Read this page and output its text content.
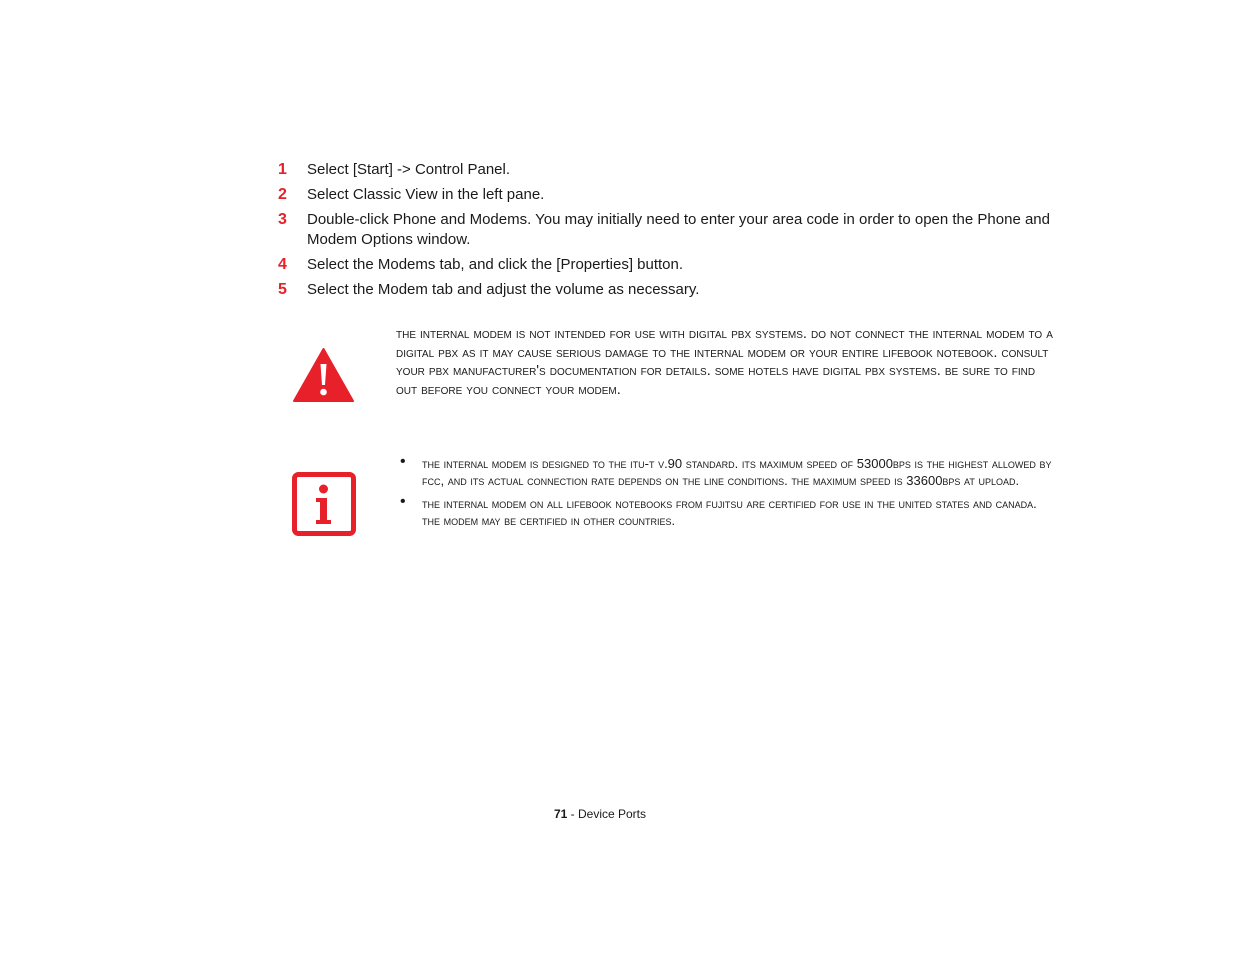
1 Select [Start] -> Control Panel.
2 Select Classic View in the left pane.
3 Double-click Phone and Modems. You may initially need to enter your area code in order to open the Phone and Modem Options window.
4 Select the Modems tab, and click the [Properties] button.
5 Select the Modem tab and adjust the volume as necessary.
the internal modem is not intended for use with digital pbx systems. do not connect the internal modem to a digital pbx as it may cause serious damage to the internal modem or your entire lifebook notebook. consult your pbx manufacturer's documentation for details. some hotels have digital pbx systems. be sure to find out before you connect your modem.
• the internal modem is designed to the itu-t v.90 standard. its maximum speed of 53000bps is the highest allowed by fcc, and its actual connection rate depends on the line conditions. the maximum speed is 33600bps at upload.
• the internal modem on all lifebook notebooks from fujitsu are certified for use in the united states and canada. the modem may be certified in other countries.
71 - Device Ports
